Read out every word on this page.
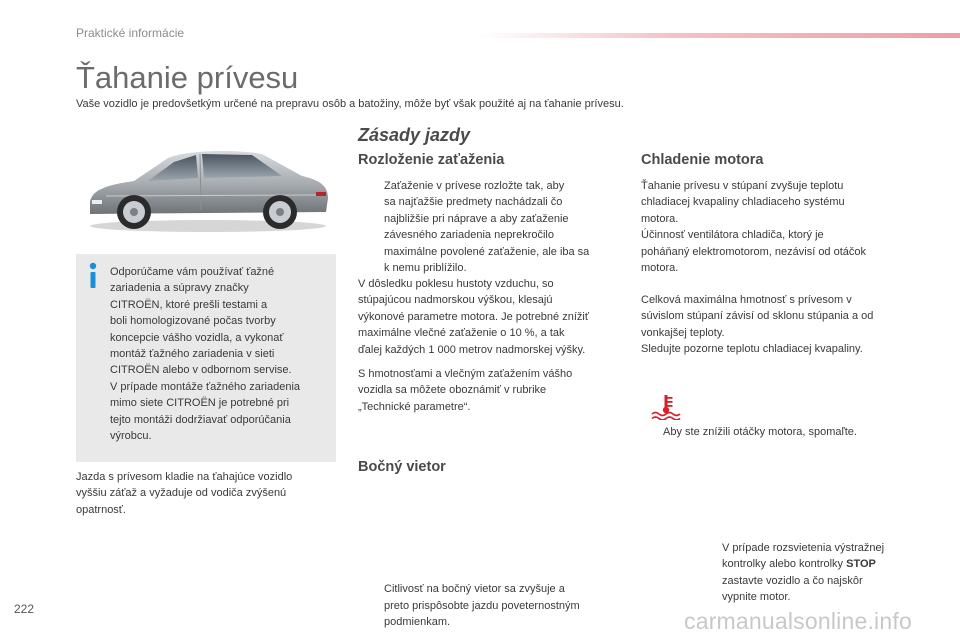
Praktické informácie
Ťahanie prívesu
Vaše vozidlo je predovšetkým určené na prepravu osôb a batožiny, môže byť však použité aj na ťahanie prívesu.
Odporúčame vám používať ťažné
zariadenia a súpravy značky
CITROËN, ktoré prešli testami a
boli homologizované počas tvorby
koncepcie vášho vozidla, a vykonať
montáž ťažného zariadenia v sieti
CITROËN alebo v odbornom servise.
V prípade montáže ťažného zariadenia
mimo siete CITROËN je potrebné pri
tejto montáži dodržiavať odporúčania
výrobcu.
Jazda s prívesom kladie na ťahajúce vozidlo
vyššiu záťaž a vyžaduje od vodiča zvýšenú
opatrnosť.
Zásady jazdy
Rozloženie zaťaženia
Zaťaženie v prívese rozložte tak, aby
sa najťažšie predmety nachádzali čo
najbližšie pri náprave a aby zaťaženie
závesného zariadenia neprekročilo
maximálne povolené zaťaženie, ale iba sa
k nemu priblížilo.
V dôsledku poklesu hustoty vzduchu, so
stúpajúcou nadmorskou výškou, klesajú
výkonové parametre motora. Je potrebné znížiť
maximálne vlečné zaťaženie o 10 %, a tak
ďalej každých 1 000 metrov nadmorskej výšky.
S hmotnosťami a vlečným zaťažením vášho
vozidla sa môžete oboznámiť v rubrike
„Technické parametre“.
Bočný vietor
Citlivosť na bočný vietor sa zvyšuje a
preto prispôsobte jazdu poveternostným
podmienkam.
Chladenie motora
Ťahanie prívesu v stúpaní zvyšuje teplotu
chladiacej kvapaliny chladiaceho systému
motora.
Účinnosť ventilátora chladiča, ktorý je
poháňaný elektromotorom, nezávisí od otáčok
motora.
Aby ste znížili otáčky motora, spomaľte.
Celková maximálna hmotnosť s prívesom v
súvislom stúpaní závisí od sklonu stúpania a od
vonkajšej teploty.
Sledujte pozorne teplotu chladiacej kvapaliny.
V prípade rozsvietenia výstražnej
kontrolky alebo kontrolky STOP
zastavte vozidlo a čo najskôr
vypnite motor.
222	carmanualsonline.info
